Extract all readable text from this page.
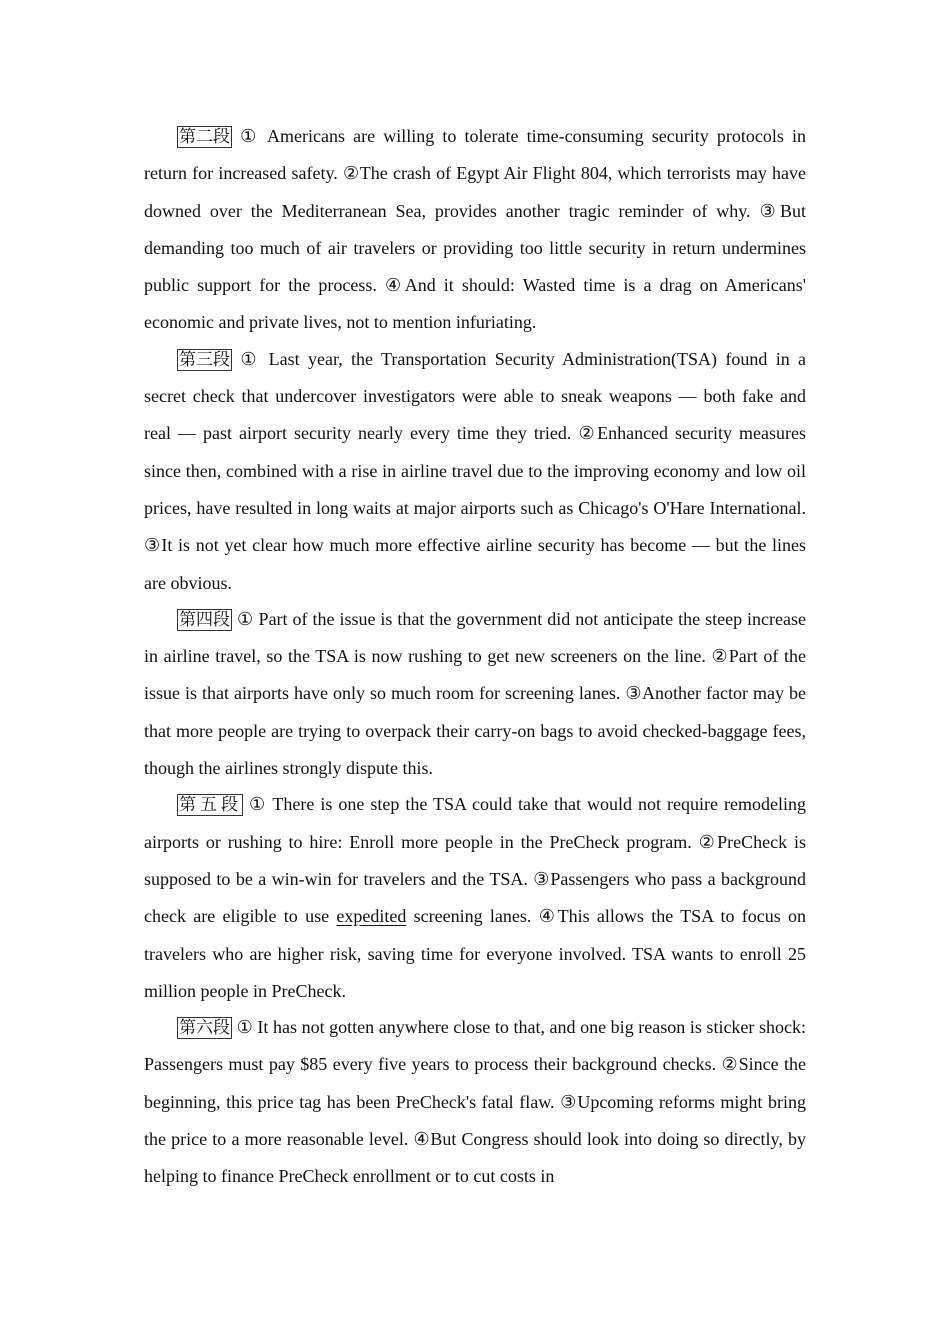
第二段 ① Americans are willing to tolerate time-consuming security protocols in return for increased safety. ②The crash of Egypt Air Flight 804, which terrorists may have downed over the Mediterranean Sea, provides another tragic reminder of why. ③But demanding too much of air travelers or providing too little security in return undermines public support for the process. ④And it should: Wasted time is a drag on Americans' economic and private lives, not to mention infuriating.

第三段 ① Last year, the Transportation Security Administration(TSA) found in a secret check that undercover investigators were able to sneak weapons — both fake and real — past airport security nearly every time they tried. ②Enhanced security measures since then, combined with a rise in airline travel due to the improving economy and low oil prices, have resulted in long waits at major airports such as Chicago's O'Hare International. ③It is not yet clear how much more effective airline security has become — but the lines are obvious.

第四段 ① Part of the issue is that the government did not anticipate the steep increase in airline travel, so the TSA is now rushing to get new screeners on the line. ②Part of the issue is that airports have only so much room for screening lanes. ③Another factor may be that more people are trying to overpack their carry-on bags to avoid checked-baggage fees, though the airlines strongly dispute this.

第五段 ① There is one step the TSA could take that would not require remodeling airports or rushing to hire: Enroll more people in the PreCheck program. ②PreCheck is supposed to be a win-win for travelers and the TSA. ③Passengers who pass a background check are eligible to use expedited screening lanes. ④This allows the TSA to focus on travelers who are higher risk, saving time for everyone involved. TSA wants to enroll 25 million people in PreCheck.

第六段 ① It has not gotten anywhere close to that, and one big reason is sticker shock: Passengers must pay $85 every five years to process their background checks. ②Since the beginning, this price tag has been PreCheck's fatal flaw. ③Upcoming reforms might bring the price to a more reasonable level. ④But Congress should look into doing so directly, by helping to finance PreCheck enrollment or to cut costs in
